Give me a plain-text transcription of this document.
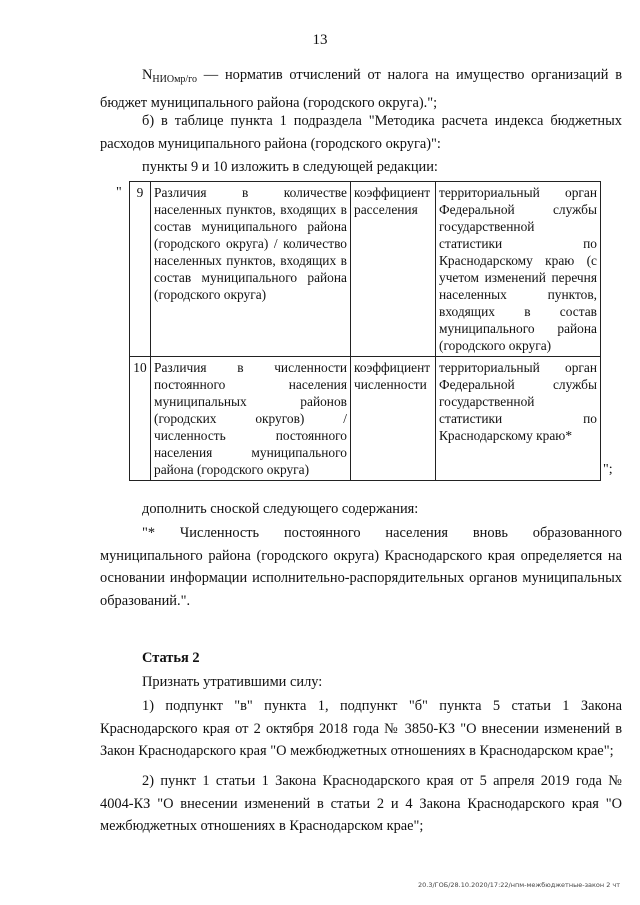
13

$N_{НИОмр/го}$ — норматив отчислений от налога на имущество организаций в бюджет муниципального района (городского округа).";

б) в таблице пункта 1 подраздела "Методика расчета индекса бюджетных расходов муниципального района (городского округа)":

пункты 9 и 10 изложить в следующей редакции:

" 9	Различия в количестве населенных пунктов, входящих в состав муниципального района (городского округа) / количество населенных пунктов, входящих в состав муниципального района (городского округа)	коэффициент расселения	территориальный орган Федеральной службы государственной статистики по Краснодарскому краю (с учетом изменений перечня населенных пунктов, входящих в состав муниципального района (городского округа)
10	Различия в численности постоянного населения муниципальных районов (городских округов) / численность постоянного населения муниципального района (городского округа)	коэффициент численности	территориальный орган Федеральной службы государственной статистики по Краснодарскому краю*
";

дополнить сноской следующего содержания:

"* Численность постоянного населения вновь образованного муниципального района (городского округа) Краснодарского края определяется на основании информации исполнительно-распорядительных органов муниципальных образований.".

Статья 2

Признать утратившими силу:

1) подпункт "в" пункта 1, подпункт "б" пункта 5 статьи 1 Закона Краснодарского края от 2 октября 2018 года № 3850-КЗ "О внесении изменений в Закон Краснодарского края "О межбюджетных отношениях в Краснодарском крае";

2) пункт 1 статьи 1 Закона Краснодарского края от 5 апреля 2019 года № 4004-КЗ "О внесении изменений в статьи 2 и 4 Закона Краснодарского края "О межбюджетных отношениях в Краснодарском крае";

20.3/ГОБ/28.10.2020/17:22/нпм-межбюджетные-закон 2 чт
